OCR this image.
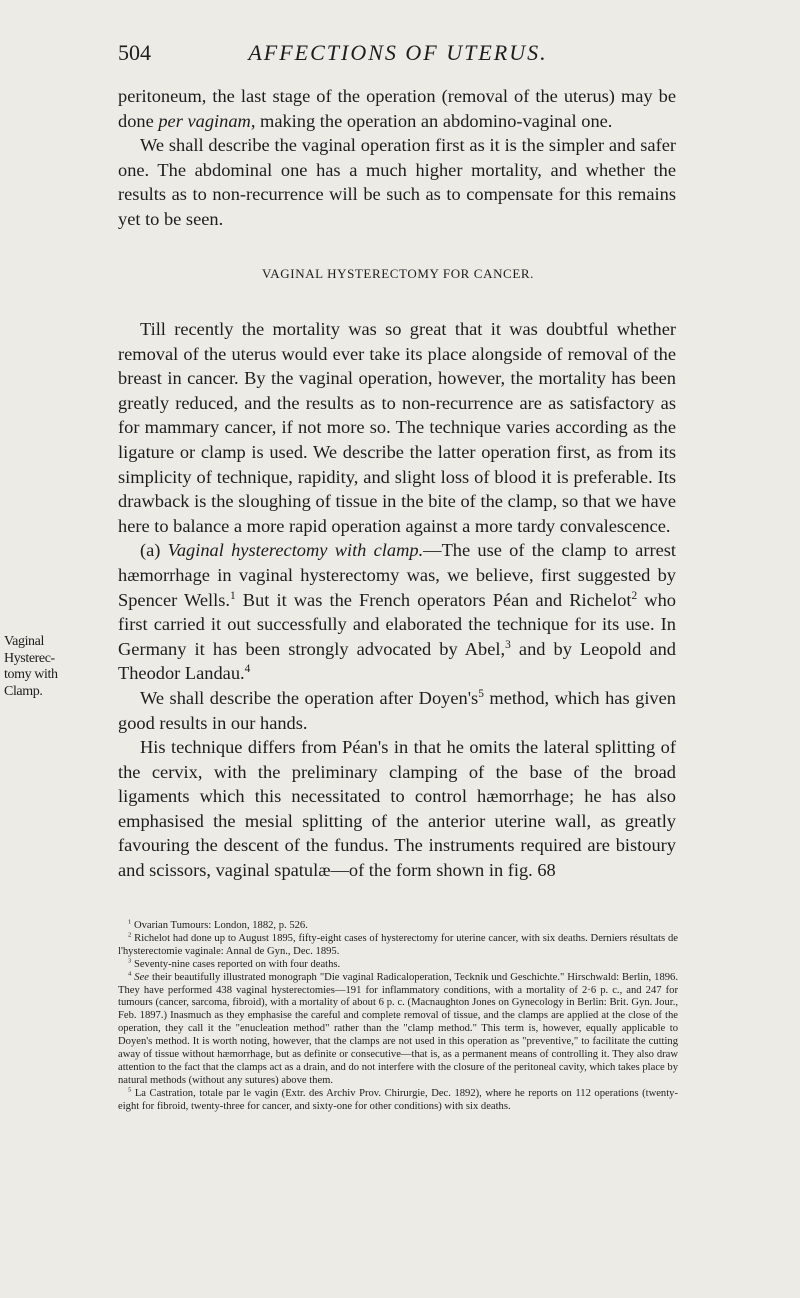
504	AFFECTIONS OF UTERUS.

peritoneum, the last stage of the operation (removal of the uterus) may be done per vaginam, making the operation an abdomino-vaginal one.

We shall describe the vaginal operation first as it is the simpler and safer one. The abdominal one has a much higher mortality, and whether the results as to non-recurrence will be such as to compensate for this remains yet to be seen.

VAGINAL HYSTERECTOMY FOR CANCER.

Till recently the mortality was so great that it was doubtful whether removal of the uterus would ever take its place alongside of removal of the breast in cancer. By the vaginal operation, however, the mortality has been greatly reduced, and the results as to non-recurrence are as satisfactory as for mammary cancer, if not more so. The technique varies according as the ligature or clamp is used. We describe the latter operation first, as from its simplicity of technique, rapidity, and slight loss of blood it is preferable. Its drawback is the sloughing of tissue in the bite of the clamp, so that we have here to balance a more rapid operation against a more tardy convalescence.

(a) Vaginal hysterectomy with clamp.—The use of the clamp to arrest hæmorrhage in vaginal hysterectomy was, we believe, first suggested by Spencer Wells.$^1$ But it was the French operators Péan and Richelot$^2$ who first carried it out successfully and elaborated the technique for its use. In Germany it has been strongly advocated by Abel,$^3$ and by Leopold and Theodor Landau.$^4$

We shall describe the operation after $Doyen's^5$ method, which has given good results in our hands.

His technique differs from Péan's in that he omits the lateral splitting of the cervix, with the preliminary clamping of the base of the broad ligaments which this necessitated to control hæmorrhage; he has also emphasised the mesial splitting of the anterior uterine wall, as greatly favouring the descent of the fundus. The instruments required are bistoury and scissors, vaginal spatulæ—of the form shown in fig. 68

Vaginal
Hysterec-
tomy with
Clamp.

$^1$ Ovarian Tumours: London, 1882, p. 526.

$^2$ Richelot had done up to August 1895, fifty-eight cases of hysterectomy for uterine cancer, with six deaths. Derniers résultats de l'hysterectomie vaginale: Annal de Gyn., Dec. 1895.

$^3$ Seventy-nine cases reported on with four deaths.

$^4$ See their beautifully illustrated monograph "Die vaginal Radicaloperation, Tecknik und Geschichte." Hirschwald: Berlin, 1896. They have performed 438 vaginal hysterectomies—191 for inflammatory conditions, with a mortality of 2·6 p. c., and 247 for tumours (cancer, sarcoma, fibroid), with a mortality of about 6 p. c. (Macnaughton Jones on Gynecology in Berlin: Brit. Gyn. Jour., Feb. 1897.) Inasmuch as they emphasise the careful and complete removal of tissue, and the clamps are applied at the close of the operation, they call it the "enucleation method" rather than the "clamp method." This term is, however, equally applicable to Doyen's method. It is worth noting, however, that the clamps are not used in this operation as "preventive," to facilitate the cutting away of tissue without hæmorrhage, but as definite or consecutive—that is, as a permanent means of controlling it. They also draw attention to the fact that the clamps act as a drain, and do not interfere with the closure of the peritoneal cavity, which takes place by natural methods (without any sutures) above them.

$^5$ La Castration, totale par le vagin (Extr. des Archiv Prov. Chirurgie, Dec. 1892), where he reports on 112 operations (twenty-eight for fibroid, twenty-three for cancer, and sixty-one for other conditions) with six deaths.
